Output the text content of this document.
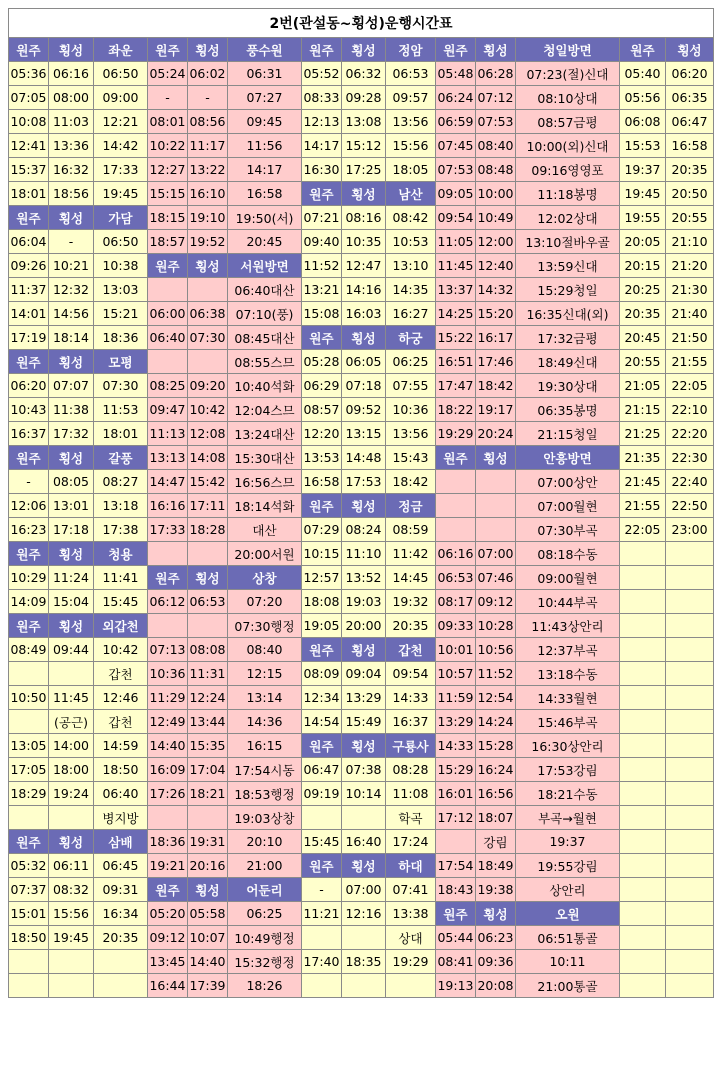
2번(관설동~횡성)운행시간표													
원주	횡성	좌운	원주	횡성	풍수원	원주	횡성	정암	원주	횡성	청일방면	원주	횡성
05:36	06:16	06:50	05:24	06:02	06:31	05:52	06:32	06:53	05:48	06:28	07:23(절)신대	05:40	06:20
07:05	08:00	09:00	-	-	07:27	08:33	09:28	09:57	06:24	07:12	08:10상대	05:56	06:35
10:08	11:03	12:21	08:01	08:56	09:45	12:13	13:08	13:56	06:59	07:53	08:57금평	06:08	06:47
12:41	13:36	14:42	10:22	11:17	11:56	14:17	15:12	15:56	07:45	08:40	10:00(외)신대	15:53	16:58
15:37	16:32	17:33	12:27	13:22	14:17	16:30	17:25	18:05	07:53	08:48	09:16영영포	19:37	20:35
18:01	18:56	19:45	15:15	16:10	16:58	원주	횡성	남산	09:05	10:00	11:18봉명	19:45	20:50
원주	횡성	가담	18:15	19:10	19:50(서)	07:21	08:16	08:42	09:54	10:49	12:02상대	19:55	20:55
06:04	-	06:50	18:57	19:52	20:45	09:40	10:35	10:53	11:05	12:00	13:10절바우골	20:05	21:10
09:26	10:21	10:38	원주	횡성	서원방면	11:52	12:47	13:10	11:45	12:40	13:59신대	20:15	21:20
11:37	12:32	13:03			06:40대산	13:21	14:16	14:35	13:37	14:32	15:29청일	20:25	21:30
14:01	14:56	15:21	06:00	06:38	07:10(풍)	15:08	16:03	16:27	14:25	15:20	16:35신대(외)	20:35	21:40
17:19	18:14	18:36	06:40	07:30	08:45대산	원주	횡성	하궁	15:22	16:17	17:32금평	20:45	21:50
원주	횡성	모평			08:55스므	05:28	06:05	06:25	16:51	17:46	18:49신대	20:55	21:55
06:20	07:07	07:30	08:25	09:20	10:40석화	06:29	07:18	07:55	17:47	18:42	19:30상대	21:05	22:05
10:43	11:38	11:53	09:47	10:42	12:04스므	08:57	09:52	10:36	18:22	19:17	06:35봉명	21:15	22:10
16:37	17:32	18:01	11:13	12:08	13:24대산	12:20	13:15	13:56	19:29	20:24	21:15청일	21:25	22:20
원주	횡성	갈풍	13:13	14:08	15:30대산	13:53	14:48	15:43	원주	횡성	안흥방면	21:35	22:30
-	08:05	08:27	14:47	15:42	16:56스므	16:58	17:53	18:42			07:00상안	21:45	22:40
12:06	13:01	13:18	16:16	17:11	18:14석화	원주	횡성	정금			07:00월현	21:55	22:50
16:23	17:18	17:38	17:33	18:28	대산	07:29	08:24	08:59			07:30부곡	22:05	23:00
원주	횡성	청용			20:00서원	10:15	11:10	11:42	06:16	07:00	08:18수동		
10:29	11:24	11:41	원주	횡성	상창	12:57	13:52	14:45	06:53	07:46	09:00월현		
14:09	15:04	15:45	06:12	06:53	07:20	18:08	19:03	19:32	08:17	09:12	10:44부곡		
원주	횡성	외갑천			07:30행정	19:05	20:00	20:35	09:33	10:28	11:43상안리		
08:49	09:44	10:42	07:13	08:08	08:40	원주	횡성	갑천	10:01	10:56	12:37부곡		
		갑천	10:36	11:31	12:15	08:09	09:04	09:54	10:57	11:52	13:18수동		
10:50	11:45	12:46	11:29	12:24	13:14	12:34	13:29	14:33	11:59	12:54	14:33월현		
	(공근)	갑천	12:49	13:44	14:36	14:54	15:49	16:37	13:29	14:24	15:46부곡		
13:05	14:00	14:59	14:40	15:35	16:15	원주	횡성	구룡사	14:33	15:28	16:30상안리		
17:05	18:00	18:50	16:09	17:04	17:54시동	06:47	07:38	08:28	15:29	16:24	17:53강림		
18:29	19:24	06:40	17:26	18:21	18:53행정	09:19	10:14	11:08	16:01	16:56	18:21수동		
		병지방			19:03상창			학곡	17:12	18:07	부곡→월현		
원주	횡성	삼배	18:36	19:31	20:10	15:45	16:40	17:24		강림	19:37		
05:32	06:11	06:45	19:21	20:16	21:00	원주	횡성	하대	17:54	18:49	19:55강림		
07:37	08:32	09:31	원주	횡성	어둔리	-	07:00	07:41	18:43	19:38	상안리		
15:01	15:56	16:34	05:20	05:58	06:25	11:21	12:16	13:38	원주	횡성	오원		
18:50	19:45	20:35	09:12	10:07	10:49행정			상대	05:44	06:23	06:51통골		
			13:45	14:40	15:32행정	17:40	18:35	19:29	08:41	09:36	10:11		
			16:44	17:39	18:26				19:13	20:08	21:00통골		
